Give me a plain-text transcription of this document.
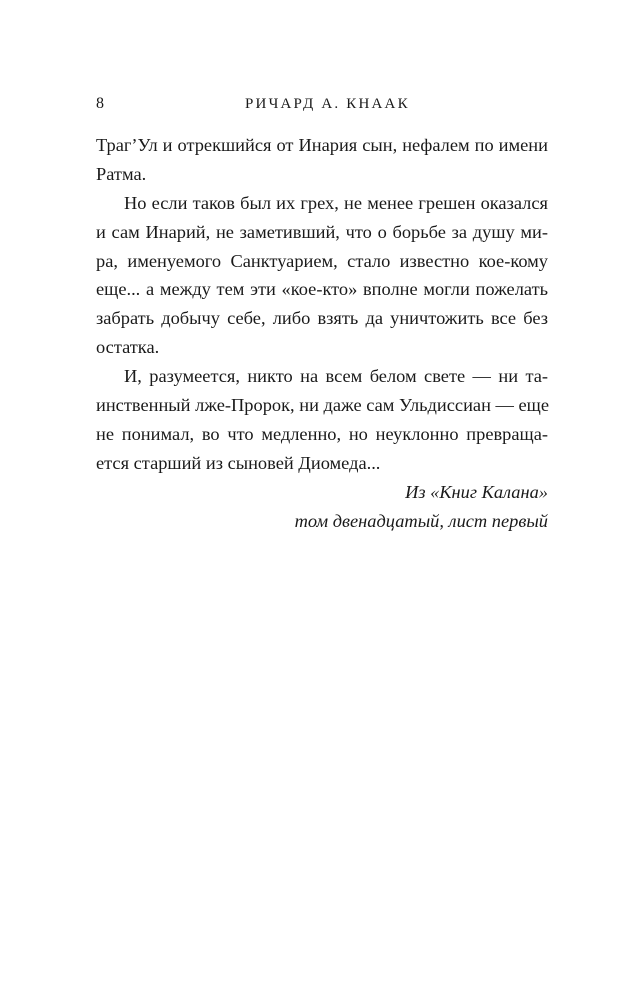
8	РИЧАРД А. КНААК
Траг’Ул и отрекшийся от Инария сын, нефалем по имени
Ратма.
Но если таков был их грех, не менее грешен оказался
и сам Инарий, не заметивший, что о борьбе за душу ми-
ра, именуемого Санктуарием, стало известно кое-кому
еще... а между тем эти «кое-кто» вполне могли пожелать
забрать добычу себе, либо взять да уничтожить все без
остатка.
И, разумеется, никто на всем белом свете — ни та-
инственный лже-Пророк, ни даже сам Ульдиссиан — еще
не понимал, во что медленно, но неуклонно превраща-
ется старший из сыновей Диомеда...
Из «Книг Калана»
том двенадцатый, лист первый
